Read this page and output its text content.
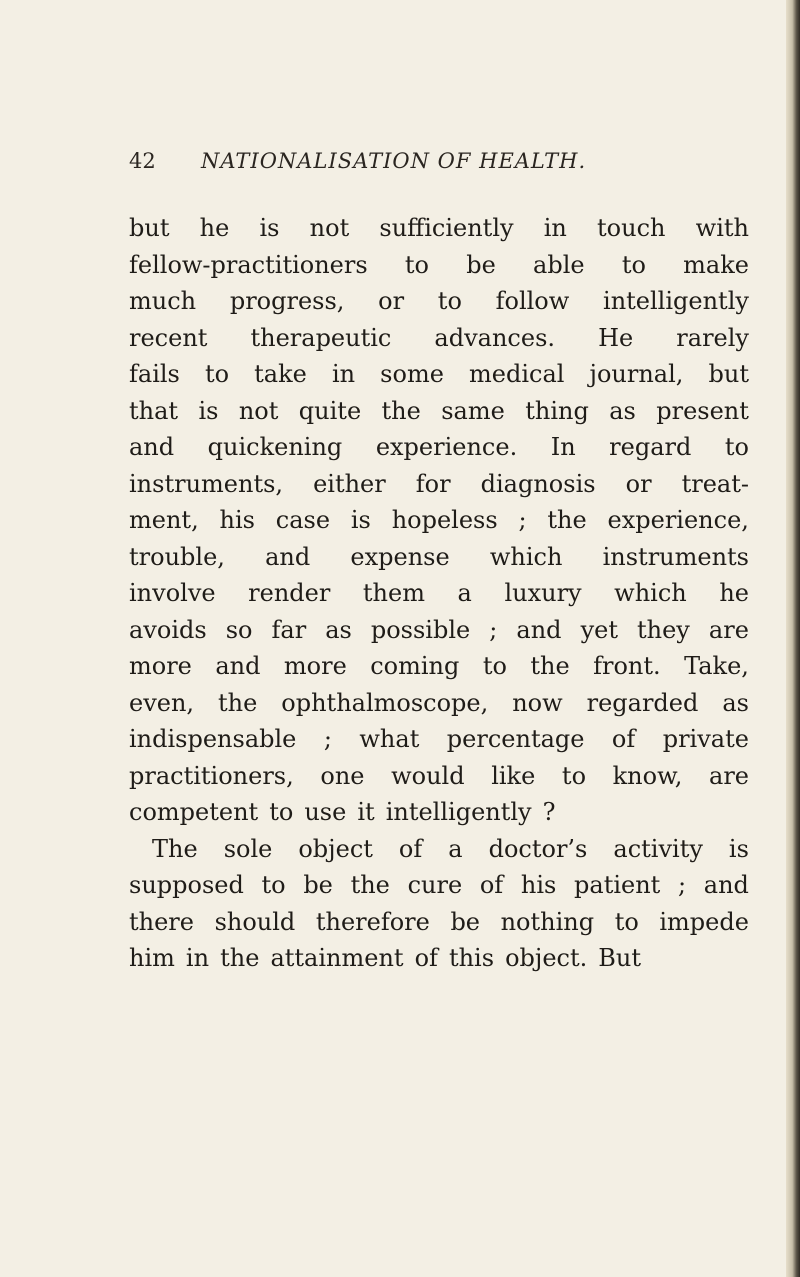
42 NATIONALISATION OF HEALTH.
but he is not sufficiently in touch with
fellow-practitioners to be able to make
much progress, or to follow intelligently
recent therapeutic advances. He rarely
fails to take in some medical journal, but
that is not quite the same thing as present
and quickening experience. In regard to
instruments, either for diagnosis or treat-
ment, his case is hopeless ; the experience,
trouble, and expense which instruments
involve render them a luxury which he
avoids so far as possible ; and yet they are
more and more coming to the front. Take,
even, the ophthalmoscope, now regarded as
indispensable ; what percentage of private
practitioners, one would like to know, are
competent to use it intelligently ?
The sole object of a doctor’s activity is
supposed to be the cure of his patient ; and
there should therefore be nothing to impede
him in the attainment of this object. But
